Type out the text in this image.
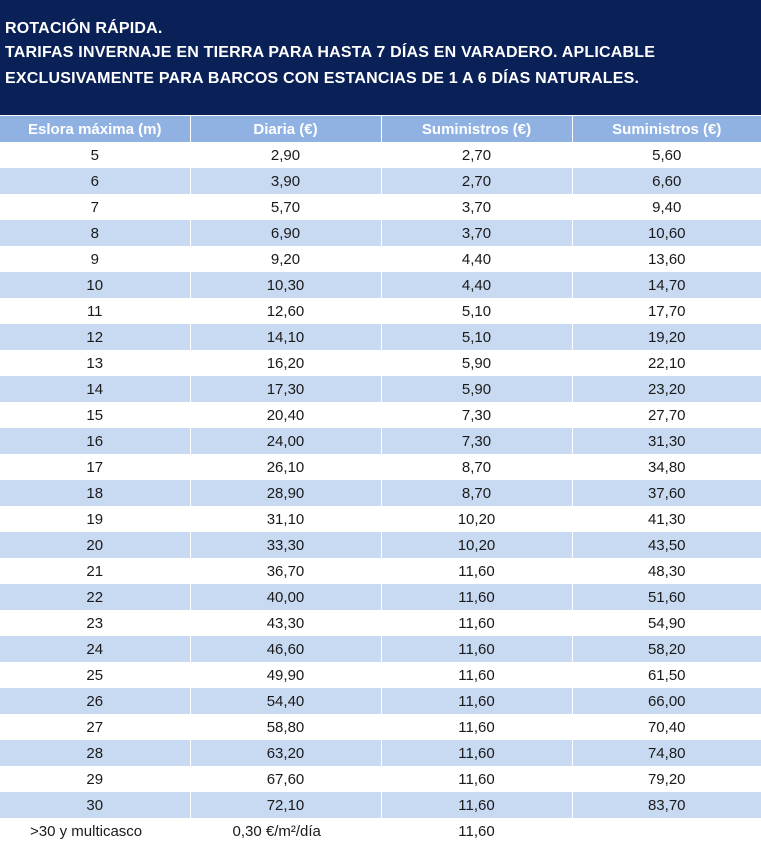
ROTACIÓN RÁPIDA.
TARIFAS INVERNAJE EN TIERRA PARA HASTA 7 DÍAS EN VARADERO. APLICABLE
EXCLUSIVAMENTE PARA BARCOS CON ESTANCIAS DE 1 A 6 DÍAS NATURALES.
Eslora máxima (m)	Diaria (€)	Suministros (€)	Suministros (€)
5	2,90	2,70	5,60
6	3,90	2,70	6,60
7	5,70	3,70	9,40
8	6,90	3,70	10,60
9	9,20	4,40	13,60
10	10,30	4,40	14,70
11	12,60	5,10	17,70
12	14,10	5,10	19,20
13	16,20	5,90	22,10
14	17,30	5,90	23,20
15	20,40	7,30	27,70
16	24,00	7,30	31,30
17	26,10	8,70	34,80
18	28,90	8,70	37,60
19	31,10	10,20	41,30
20	33,30	10,20	43,50
21	36,70	11,60	48,30
22	40,00	11,60	51,60
23	43,30	11,60	54,90
24	46,60	11,60	58,20
25	49,90	11,60	61,50
26	54,40	11,60	66,00
27	58,80	11,60	70,40
28	63,20	11,60	74,80
29	67,60	11,60	79,20
30	72,10	11,60	83,70
>30 y multicasco	0,30 €/m²/día	11,60	
